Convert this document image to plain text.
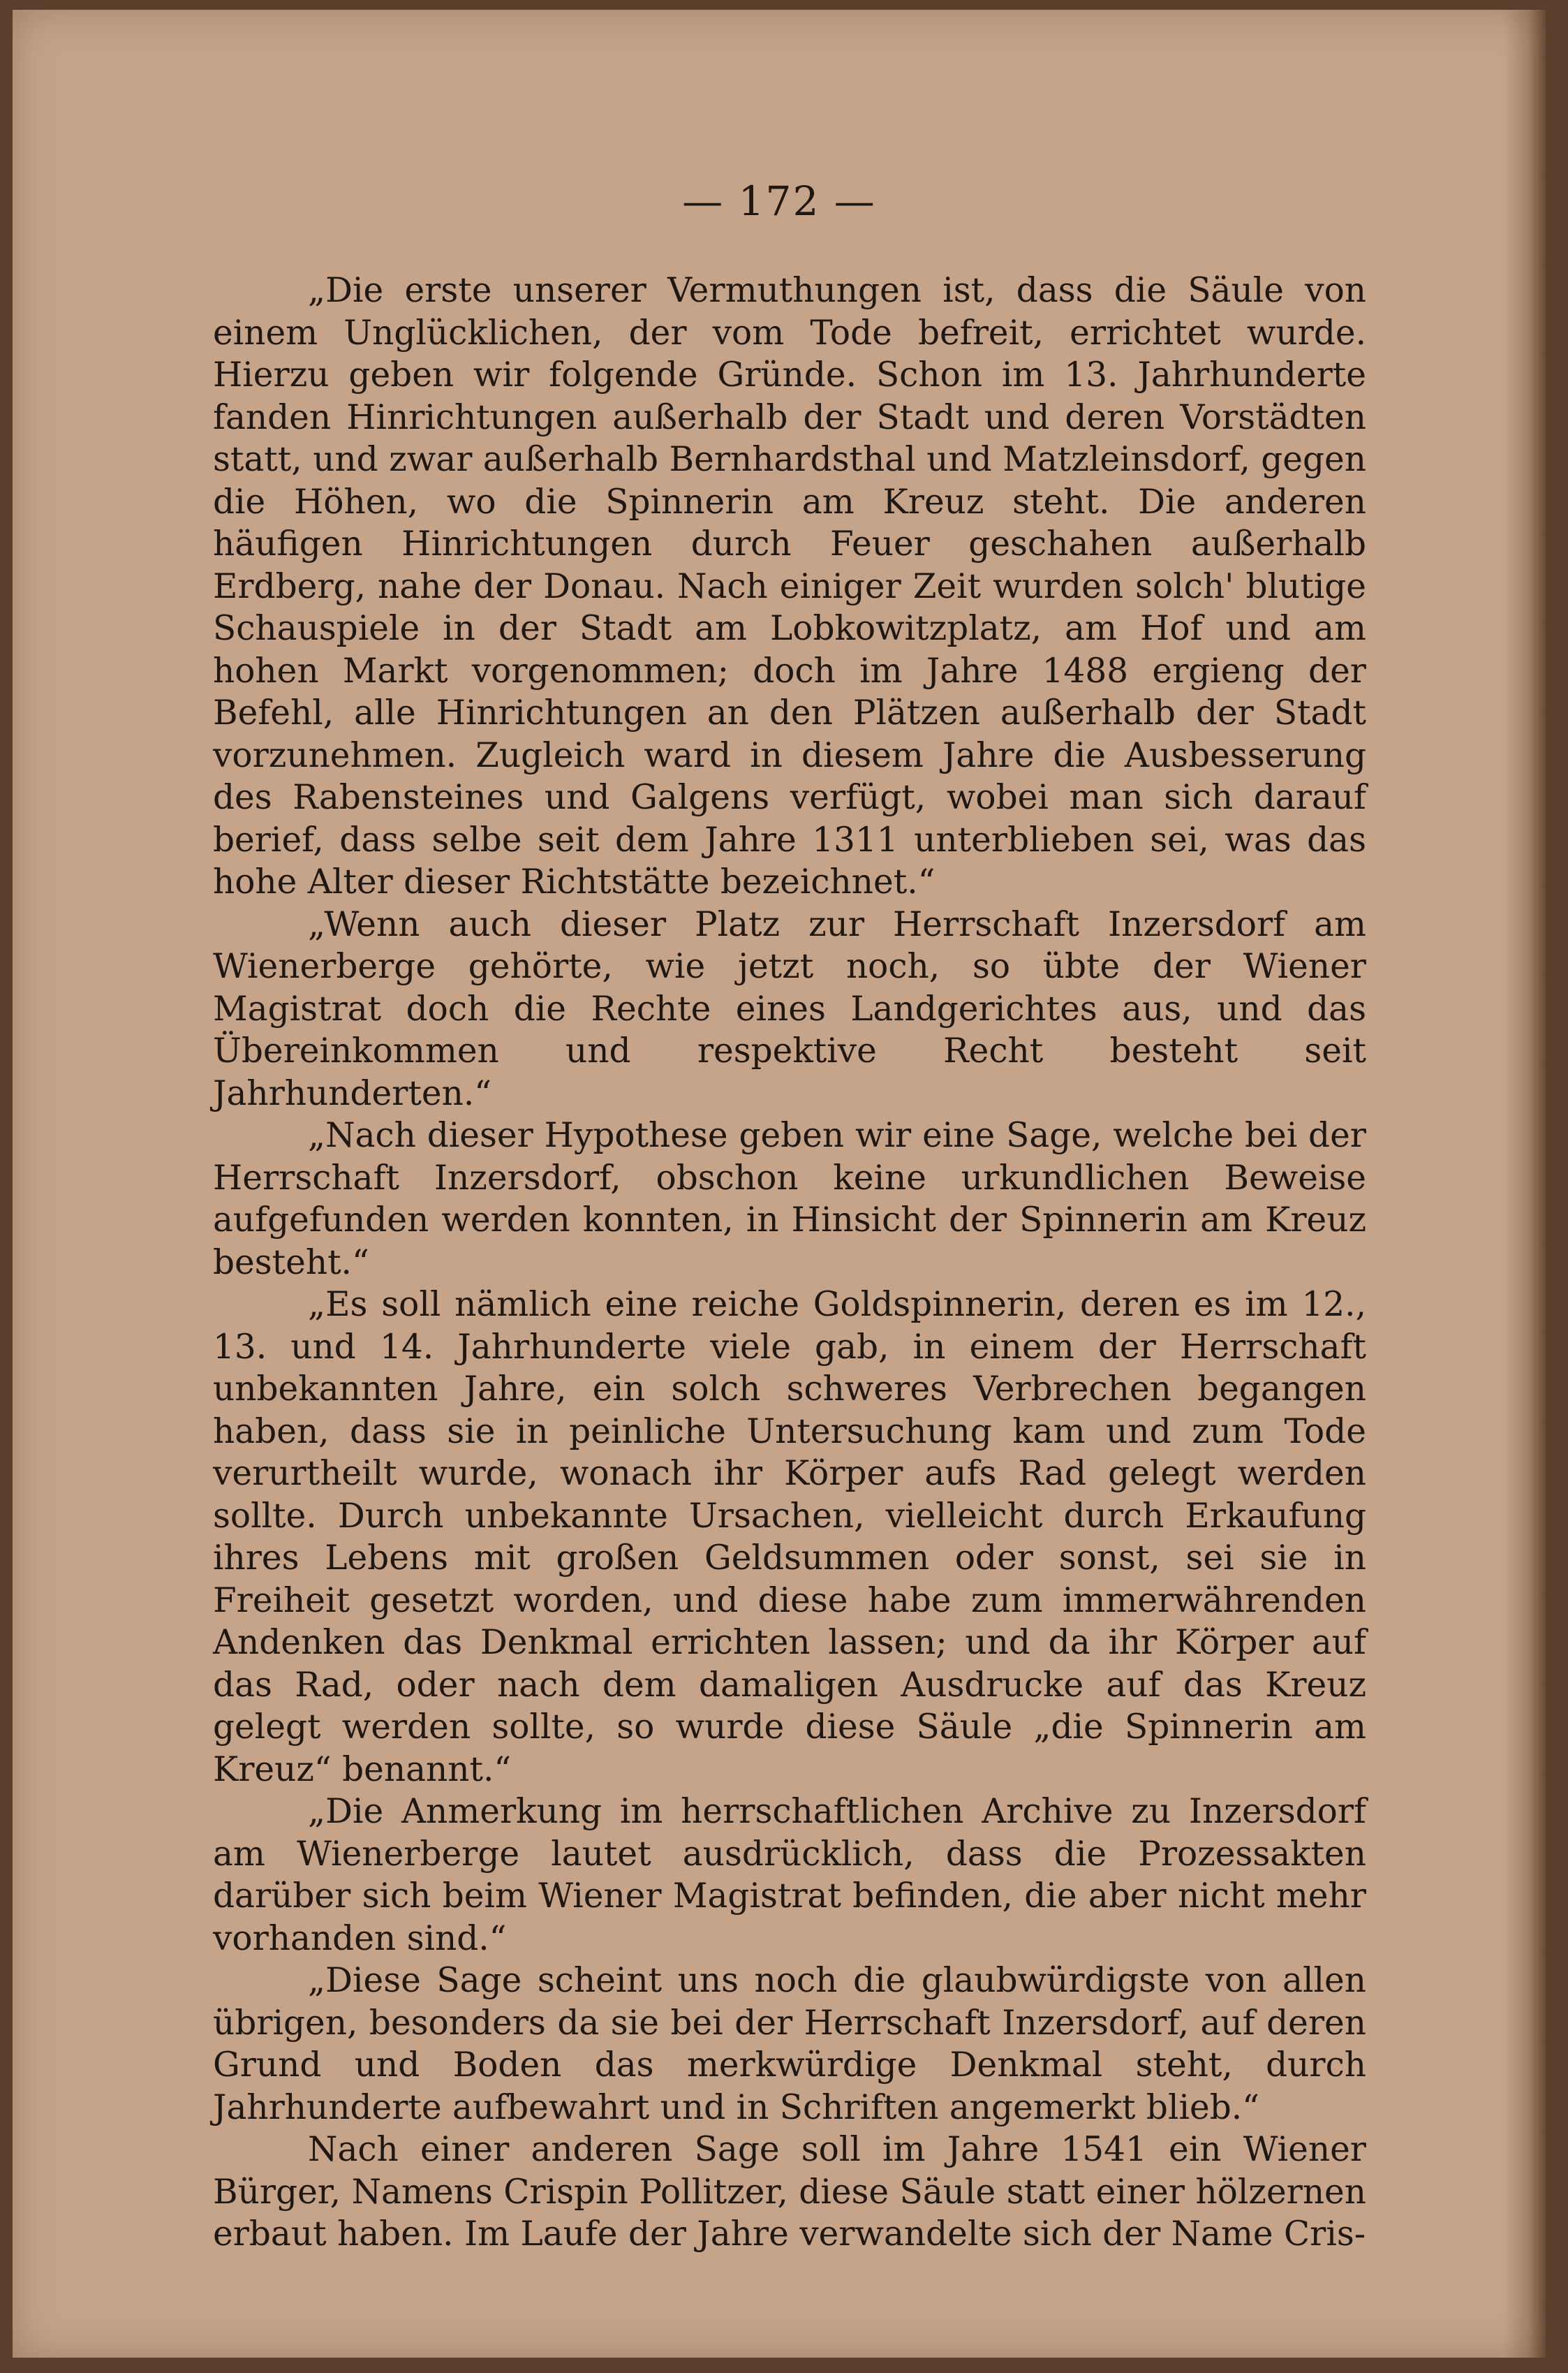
— 172 —

„Die erste unserer Vermuthungen ist, dass die Säule von einem Unglücklichen, der vom Tode befreit, errichtet wurde. Hierzu geben wir folgende Gründe. Schon im 13. Jahrhunderte fanden Hinrichtungen außerhalb der Stadt und deren Vorstädten statt, und zwar außerhalb Bernhardsthal und Matzleinsdorf, gegen die Höhen, wo die Spinnerin am Kreuz steht. Die anderen häufigen Hinrichtungen durch Feuer geschahen außerhalb Erdberg, nahe der Donau. Nach einiger Zeit wurden solch' blutige Schauspiele in der Stadt am Lobkowitzplatz, am Hof und am hohen Markt vorgenommen; doch im Jahre 1488 ergieng der Befehl, alle Hinrichtungen an den Plätzen außerhalb der Stadt vorzunehmen. Zugleich ward in diesem Jahre die Ausbesserung des Rabensteines und Galgens verfügt, wobei man sich darauf berief, dass selbe seit dem Jahre 1311 unterblieben sei, was das hohe Alter dieser Richtstätte bezeichnet.“

„Wenn auch dieser Platz zur Herrschaft Inzersdorf am Wienerberge gehörte, wie jetzt noch, so übte der Wiener Magistrat doch die Rechte eines Landgerichtes aus, und das Übereinkommen und respektive Recht besteht seit Jahrhunderten.“

„Nach dieser Hypothese geben wir eine Sage, welche bei der Herrschaft Inzersdorf, obschon keine urkundlichen Beweise aufgefunden werden konnten, in Hinsicht der Spinnerin am Kreuz besteht.“

„Es soll nämlich eine reiche Goldspinnerin, deren es im 12., 13. und 14. Jahrhunderte viele gab, in einem der Herrschaft unbekannten Jahre, ein solch schweres Verbrechen begangen haben, dass sie in peinliche Untersuchung kam und zum Tode verurtheilt wurde, wonach ihr Körper aufs Rad gelegt werden sollte. Durch unbekannte Ursachen, vielleicht durch Erkaufung ihres Lebens mit großen Geldsummen oder sonst, sei sie in Freiheit gesetzt worden, und diese habe zum immerwährenden Andenken das Denkmal errichten lassen; und da ihr Körper auf das Rad, oder nach dem damaligen Ausdrucke auf das Kreuz gelegt werden sollte, so wurde diese Säule „die Spinnerin am Kreuz“ benannt.“

„Die Anmerkung im herrschaftlichen Archive zu Inzersdorf am Wienerberge lautet ausdrücklich, dass die Prozessakten darüber sich beim Wiener Magistrat befinden, die aber nicht mehr vorhanden sind.“

„Diese Sage scheint uns noch die glaubwürdigste von allen übrigen, besonders da sie bei der Herrschaft Inzersdorf, auf deren Grund und Boden das merkwürdige Denkmal steht, durch Jahrhunderte aufbewahrt und in Schriften angemerkt blieb.“

Nach einer anderen Sage soll im Jahre 1541 ein Wiener Bürger, Namens Crispin Pollitzer, diese Säule statt einer hölzernen erbaut haben. Im Laufe der Jahre verwandelte sich der Name Cris-
